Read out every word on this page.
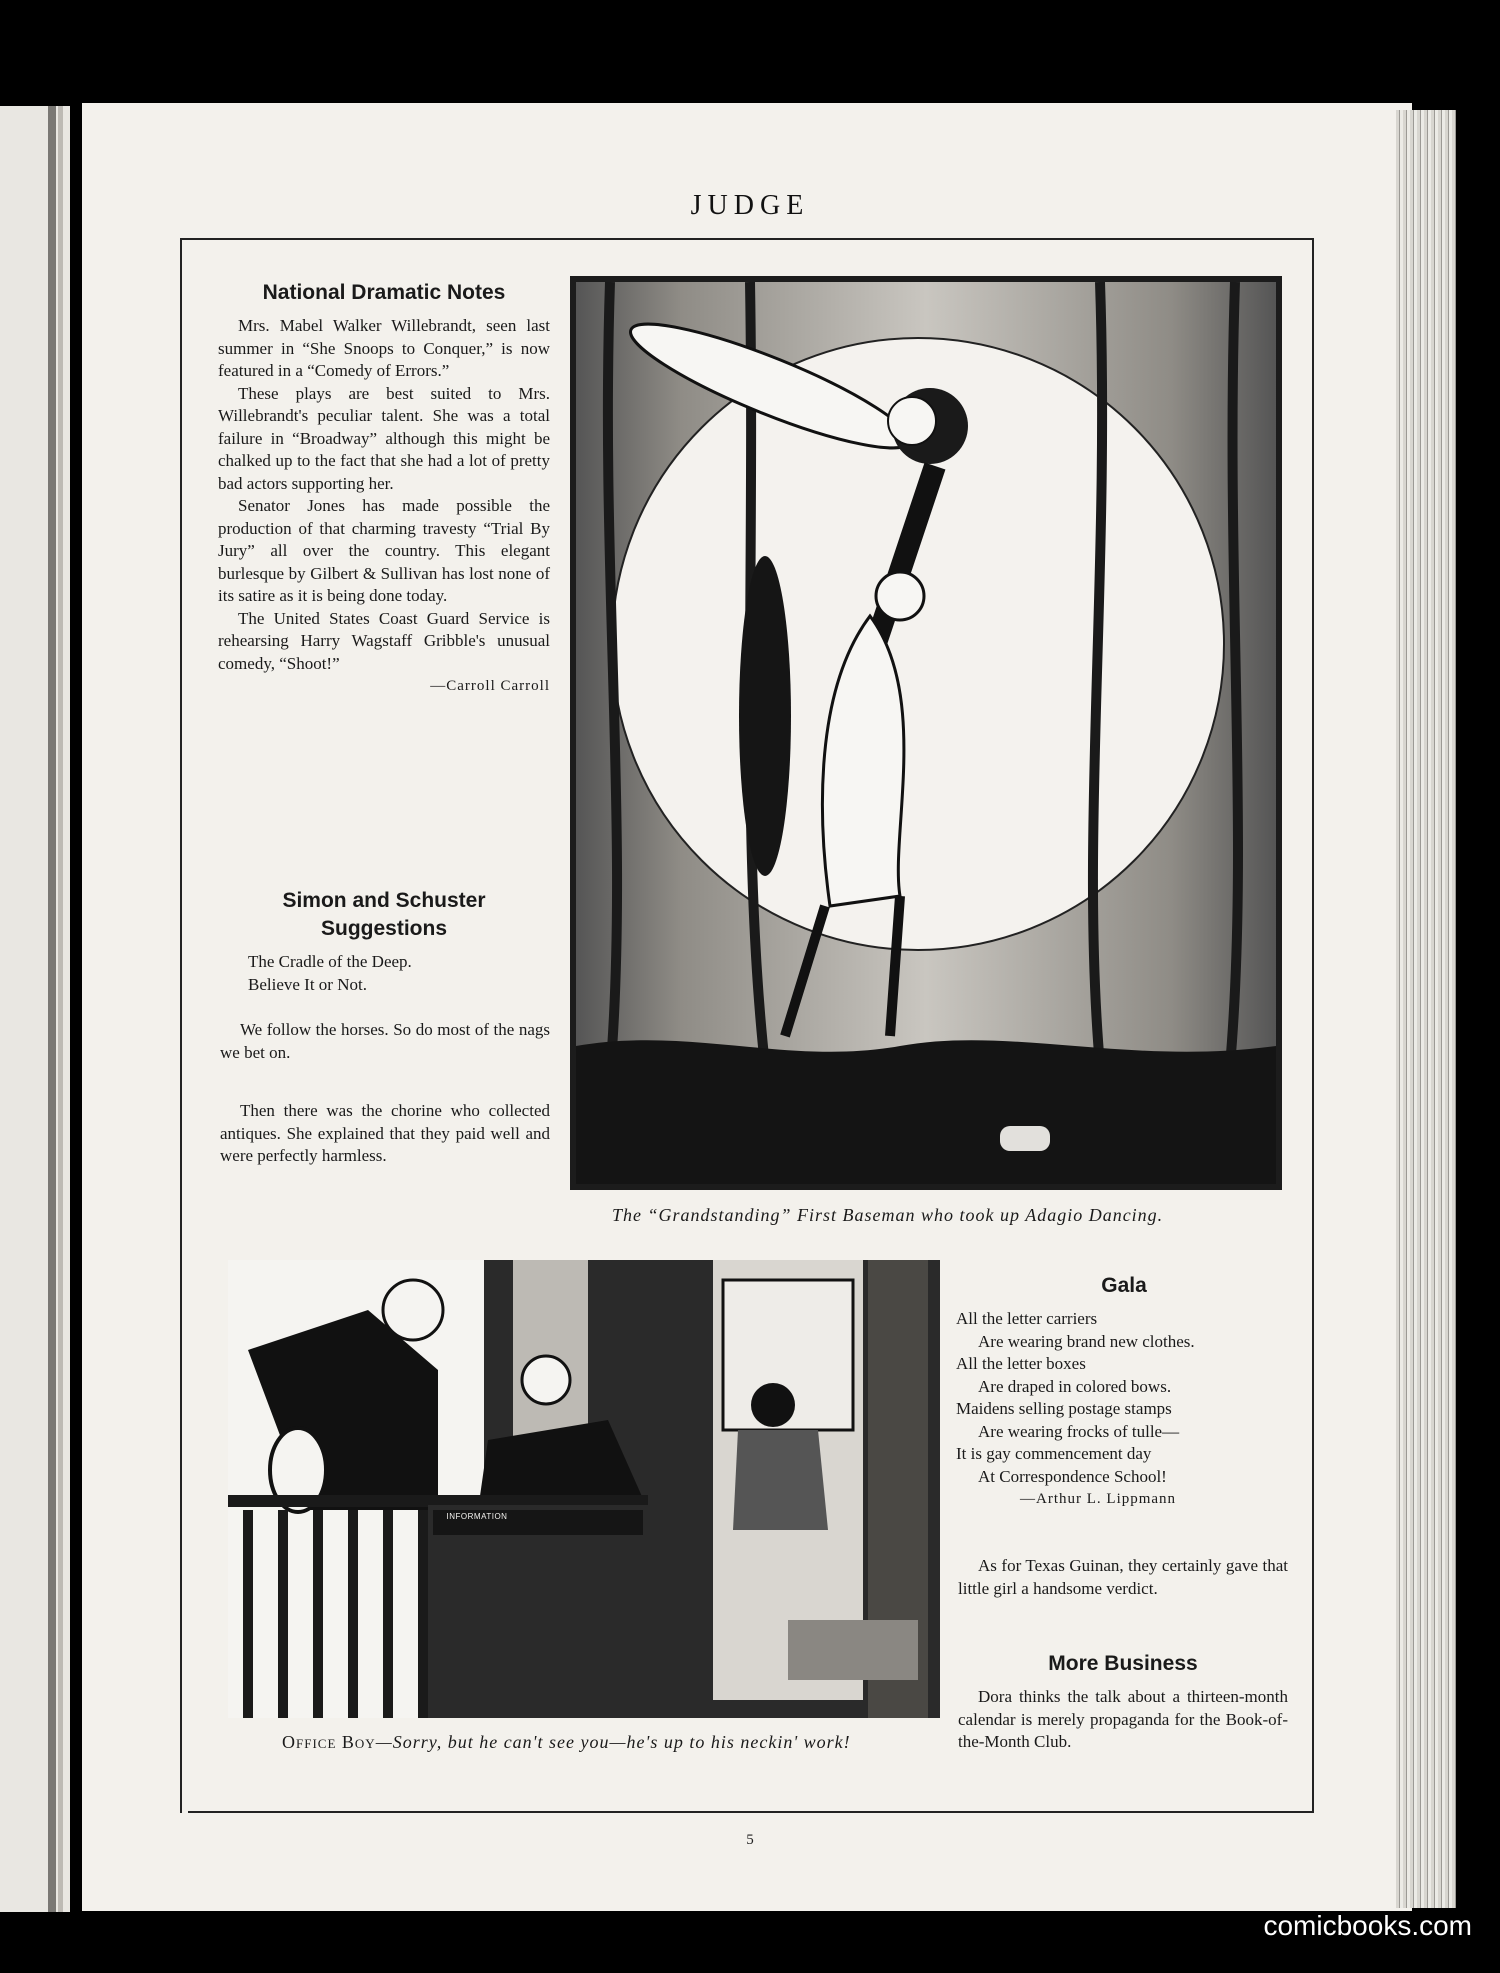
JUDGE
National Dramatic Notes

Mrs. Mabel Walker Willebrandt, seen last summer in “She Snoops to Conquer,” is now featured in a “Comedy of Errors.”

These plays are best suited to Mrs. Willebrandt's peculiar talent. She was a total failure in “Broadway” although this might be chalked up to the fact that she had a lot of pretty bad actors supporting her.

Senator Jones has made possible the production of that charming travesty “Trial By Jury” all over the country. This elegant burlesque by Gilbert & Sullivan has lost none of its satire as it is being done today.

The United States Coast Guard Service is rehearsing Harry Wagstaff Gribble's unusual comedy, “Shoot!”

—Carroll Carroll

Simon and Schuster Suggestions

The Cradle of the Deep.

Believe It or Not.

We follow the horses. So do most of the nags we bet on.

Then there was the chorine who collected antiques. She explained that they paid well and were perfectly harmless.

The “Grandstanding” First Baseman who took up Adagio Dancing.
INFORMATION
Office Boy—Sorry, but he can't see you—he's up to his neckin' work!
Gala

All the letter carriers

Are wearing brand new clothes.

All the letter boxes

Are draped in colored bows.

Maidens selling postage stamps

Are wearing frocks of tulle—

It is gay commencement day

At Correspondence School!

—Arthur L. Lippmann

As for Texas Guinan, they certainly gave that little girl a handsome verdict.

More Business

Dora thinks the talk about a thirteen-month calendar is merely propaganda for the Book-of-the-Month Club.

5
comicbooks.com
